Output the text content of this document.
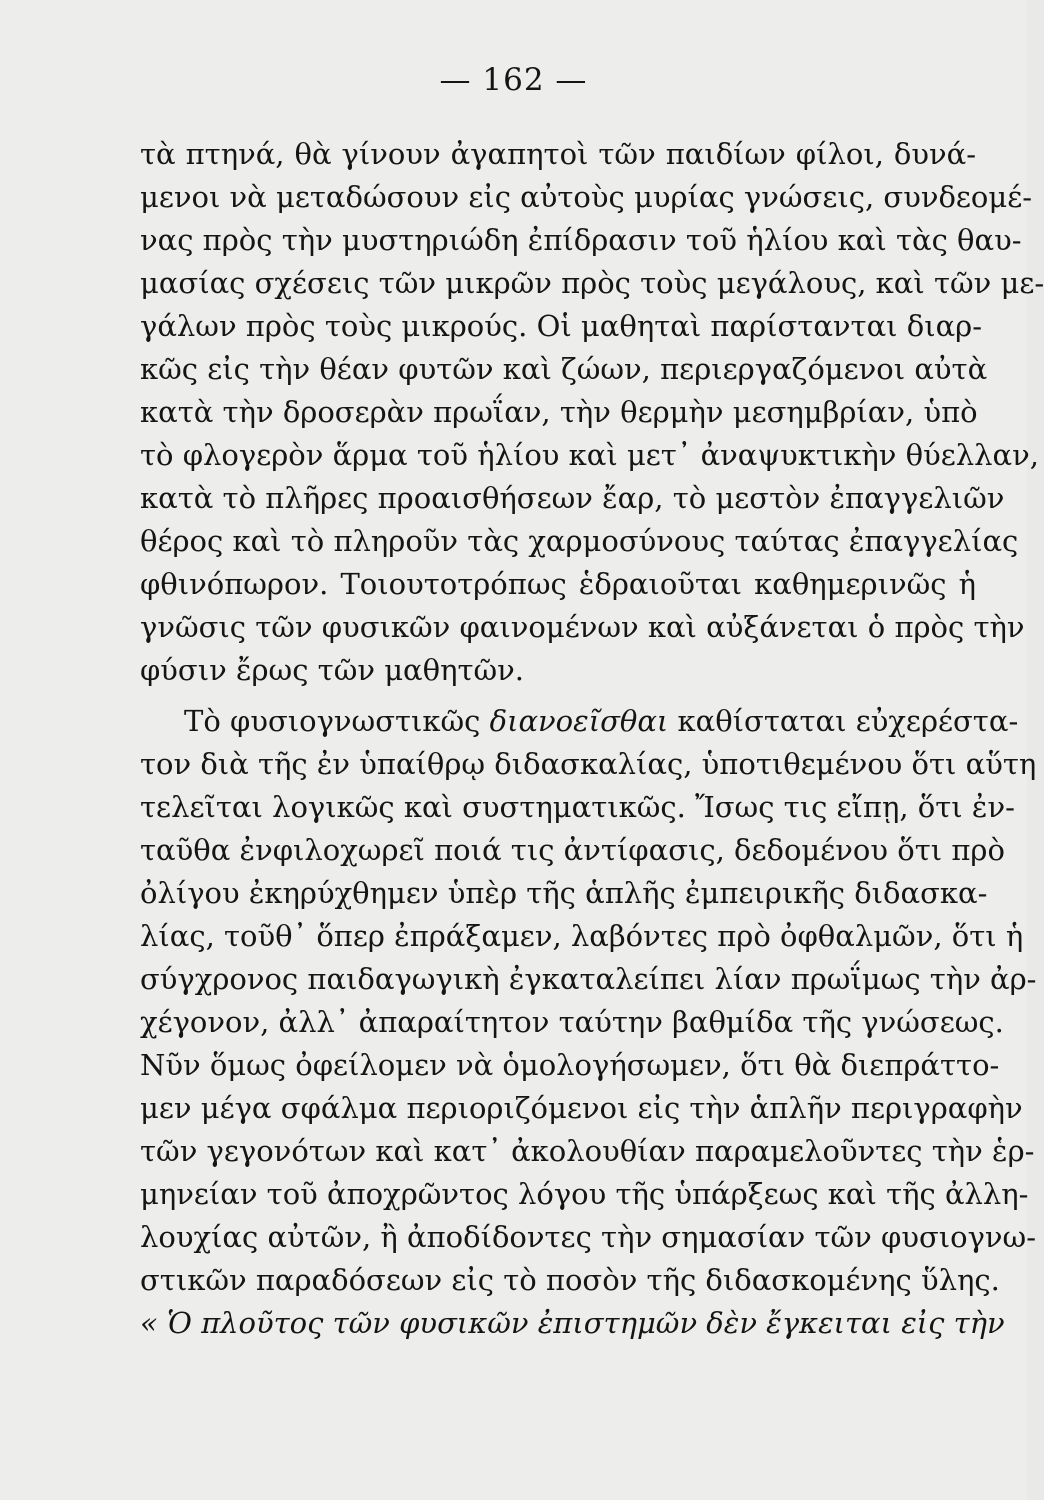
— 162 —
τὰ πτηνά, θὰ γίνουν ἀγαπητοὶ τῶν παιδίων φίλοι, δυνά-
μενοι νὰ μεταδώσουν εἰς αὐτοὺς μυρίας γνώσεις, συνδεομέ-
νας πρὸς τὴν μυστηριώδη ἐπίδρασιν τοῦ ἡλίου καὶ τὰς θαυ-
μασίας σχέσεις τῶν μικρῶν πρὸς τοὺς μεγάλους, καὶ τῶν με-
γάλων πρὸς τοὺς μικρούς. Οἱ μαθηταὶ παρίστανται διαρ-
κῶς εἰς τὴν θέαν φυτῶν καὶ ζώων, περιεργαζόμενοι αὐτὰ
κατὰ τὴν δροσερὰν πρωΐαν, τὴν θερμὴν μεσημβρίαν, ὑπὸ
τὸ φλογερὸν ἅρμα τοῦ ἡλίου καὶ μετ᾽ ἀναψυκτικὴν θύελλαν,
κατὰ τὸ πλῆρες προαισθήσεων ἔαρ, τὸ μεστὸν ἐπαγγελιῶν
θέρος καὶ τὸ πληροῦν τὰς χαρμοσύνους ταύτας ἐπαγγελίας
φθινόπωρον. Τοιουτοτρόπως ἑδραιοῦται καθημερινῶς ἡ
γνῶσις τῶν φυσικῶν φαινομένων καὶ αὐξάνεται ὁ πρὸς τὴν
φύσιν ἔρως τῶν μαθητῶν.
Τὸ φυσιογνωστικῶς διανοεῖσθαι καθίσταται εὐχερέστα-
τον διὰ τῆς ἐν ὑπαίθρῳ διδασκαλίας, ὑποτιθεμένου ὅτι αὕτη
τελεῖται λογικῶς καὶ συστηματικῶς. Ἴσως τις εἴπῃ, ὅτι ἐν-
ταῦθα ἐνφιλοχωρεῖ ποιά τις ἀντίφασις, δεδομένου ὅτι πρὸ
ὀλίγου ἐκηρύχθημεν ὑπὲρ τῆς ἁπλῆς ἐμπειρικῆς διδασκα-
λίας, τοῦθ᾽ ὅπερ ἐπράξαμεν, λαβόντες πρὸ ὀφθαλμῶν, ὅτι ἡ
σύγχρονος παιδαγωγικὴ ἐγκαταλείπει λίαν πρωΐμως τὴν ἀρ-
χέγονον, ἀλλ᾽ ἀπαραίτητον ταύτην βαθμίδα τῆς γνώσεως.
Νῦν ὅμως ὀφείλομεν νὰ ὁμολογήσωμεν, ὅτι θὰ διεπράττο-
μεν μέγα σφάλμα περιοριζόμενοι εἰς τὴν ἁπλῆν περιγραφὴν
τῶν γεγονότων καὶ κατ᾽ ἀκολουθίαν παραμελοῦντες τὴν ἑρ-
μηνείαν τοῦ ἀποχρῶντος λόγου τῆς ὑπάρξεως καὶ τῆς ἀλλη-
λουχίας αὐτῶν, ἢ ἀποδίδοντες τὴν σημασίαν τῶν φυσιογνω-
στικῶν παραδόσεων εἰς τὸ ποσὸν τῆς διδασκομένης ὕλης.
« Ὁ πλοῦτος τῶν φυσικῶν ἐπιστημῶν δὲν ἔγκειται εἰς τὴν
